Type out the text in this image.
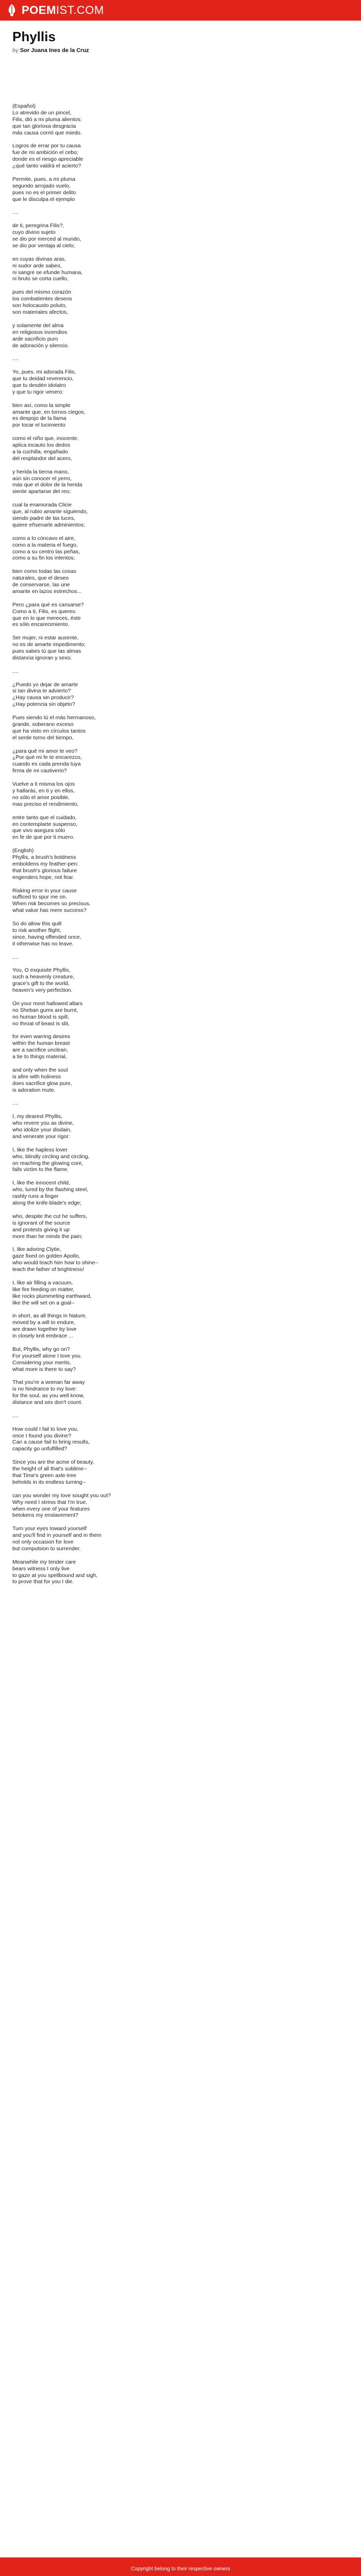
POEMIST.COM
Phyllis
by Sor Juana Ines de la Cruz
(Español)
Lo atrevido de un pincel,
Filis, dió a mi pluma alientos:
que tan gloriosa desgracia
más causa corrió que miedo.
Logros de errar por tu causa
fue de mi ambición el cebo;
donde es el riesgo apreciable
¿qué tanto valdrá el acierto?
Permite, pues, a mi pluma
segundo arrojado vuelo,
pues no es el primer delito
que le disculpa el ejemplo
....
de ti, peregrina Filis?,
cuyo divino sujeto
se dio por merced al mundo,
se dio por ventaja al cielo;
en cuyas divinas aras,
ni sudor arde sabeo,
ni sangre se efunde humana,
ni bruto se corta cuello,
pues del mismo corazón
los combatientes deseos
son holocausto poluto,
son materiales afectos,
y solamente del alma
en religiosos incendios
arde sacrificio puro
de adoración y silencio.
....
Yo, pues, mi adorada Filis,
que tu deidad reverencio,
que tu desdén idolatro
y que tu rigor venero:
bien así, como la simple
amante que, en tornos ciegos,
es despojo de la llama
por tocar el lucimiento
como el niño que, inocente,
aplica incauto los dedos
a la cuchilla, engañado
del resplandor del acero,
y herida la tierna mano,
aún sin conocer el yerro,
más que el dolor de la herida
siente apartarse del reo;
cual la enamorada Clicie
que, al rubio amante siguiendo,
siendo padre de las luces,
quiere eñsenarle adminientos;
como a lo cóncavo el aire,
como a la materia el fuego,
como a su centro las peñas,
como a su fin los intentos;
bien como todas las cosas
naturales, que el deseo
de conservarse, las une
amante en lazos estrechos...
Pero ¿para qué es cansarse?
Como a ti, Filis, es queres:
que en lo que mereces, éste
es sólo encarecimiento.
Ser mujer, ni estar ausente,
no es de amarte impedimento;
pues sabes tú que las almas
distancia ignoran y sexo.
....
¿Puedo yo dejar de amarte
si tan divina te advierto?
¿Hay causa sin producir?
¿Hay potencia sin objeto?
Pues siendo tú el más hermanoso,
grande, soberano exceso
que ha visto en círculos tantos
el serde torno del tiempo,
¿para qué mi amor te veo?
¿Por qué mi fe te encarezco,
cuando es cada prenda tuya
firma de mi cautiverio?
Vuelve a ti misma los ojos
y hallarás, en ti y en ellos,
no sólo el amor posible,
mas preciso el rendimiento,
entre tanto que el cuidado,
en contemplarte suspenso,
que vivo asegura sólo
en fe de que por ti muero.
(English)
Phyllis, a brush's boldness
emboldens my feather-pen:
that brush's glorious failure
engenders hope, not fear.
Risking error in your cause
sufficed to spur me on.
When risk becomes so precious,
what value has mere success?
So do allow this quill
to risk another flight,
since, having offended once,
it otherwise has no leave.
....
You, O exquisite Phyllis,
such a heavenly creature,
grace's gift to the world,
heaven's very perfection.
On your most hallowed altars
no Sheban gums are burnt,
no human blood is spilt,
no throat of beast is slit,
for even warring desires
within the human breast
are a sacrifice unclean,
a tie to things material,
and only when the soul
is afire with holiness
does sacrifice glow pure,
is adoration mute.
....
I, my dearest Phyllis,
who revere you as divine,
who idolize your disdain,
and venerate your rigor:
I, like the hapless lover
who, blindly circling and circling,
on reaching the glowing core,
falls victim to the flame.
I, like the innocent child,
who, lured by the flashing steel,
rashly runs a finger
along the knife-blade's edge;
who, despite the cut he suffers,
is ignorant of the source
and protests giving it up
more than he minds the pain;
I, like adoring Clytie,
gaze fixed on golden Apollo,
who would teach him how to shine--
teach the father of brightness!
I, like air filling a vacuum,
like fire feeding on matter,
like rocks plummeting earthward,
like the will set on a goal--
in short, as all things in Nature,
moved by a will to endure,
are drawn together by love
in closely knit embrace ...
But, Phyllis, why go on?
For yourself alone I love you.
Considering your merits,
what more is there to say?
That you're a woman far away
is no hindrance to my love:
for the soul, as you well know,
distance and sex don't count.
....
How could I fail to love you,
once I found you divine?
Can a cause fail to bring results,
capacity go unfulfilled?
Since you are the acme of beauty,
the height of all that's sublime--
that Time's green axle-tree
beholds in its endless turning--
can you wonder my love sought you out?
Why need I stress that I'm true,
when every one of your features
betokens my enslavement?
Turn your eyes toward yourself
and you'll find in yourself and in them
not only occasion for love
but compulsion to surrender.
Meanwhile my tender care
bears witness I only live
to gaze at you spellbound and sigh,
to prove that for you I die.
Copyright belong to their respective owners
